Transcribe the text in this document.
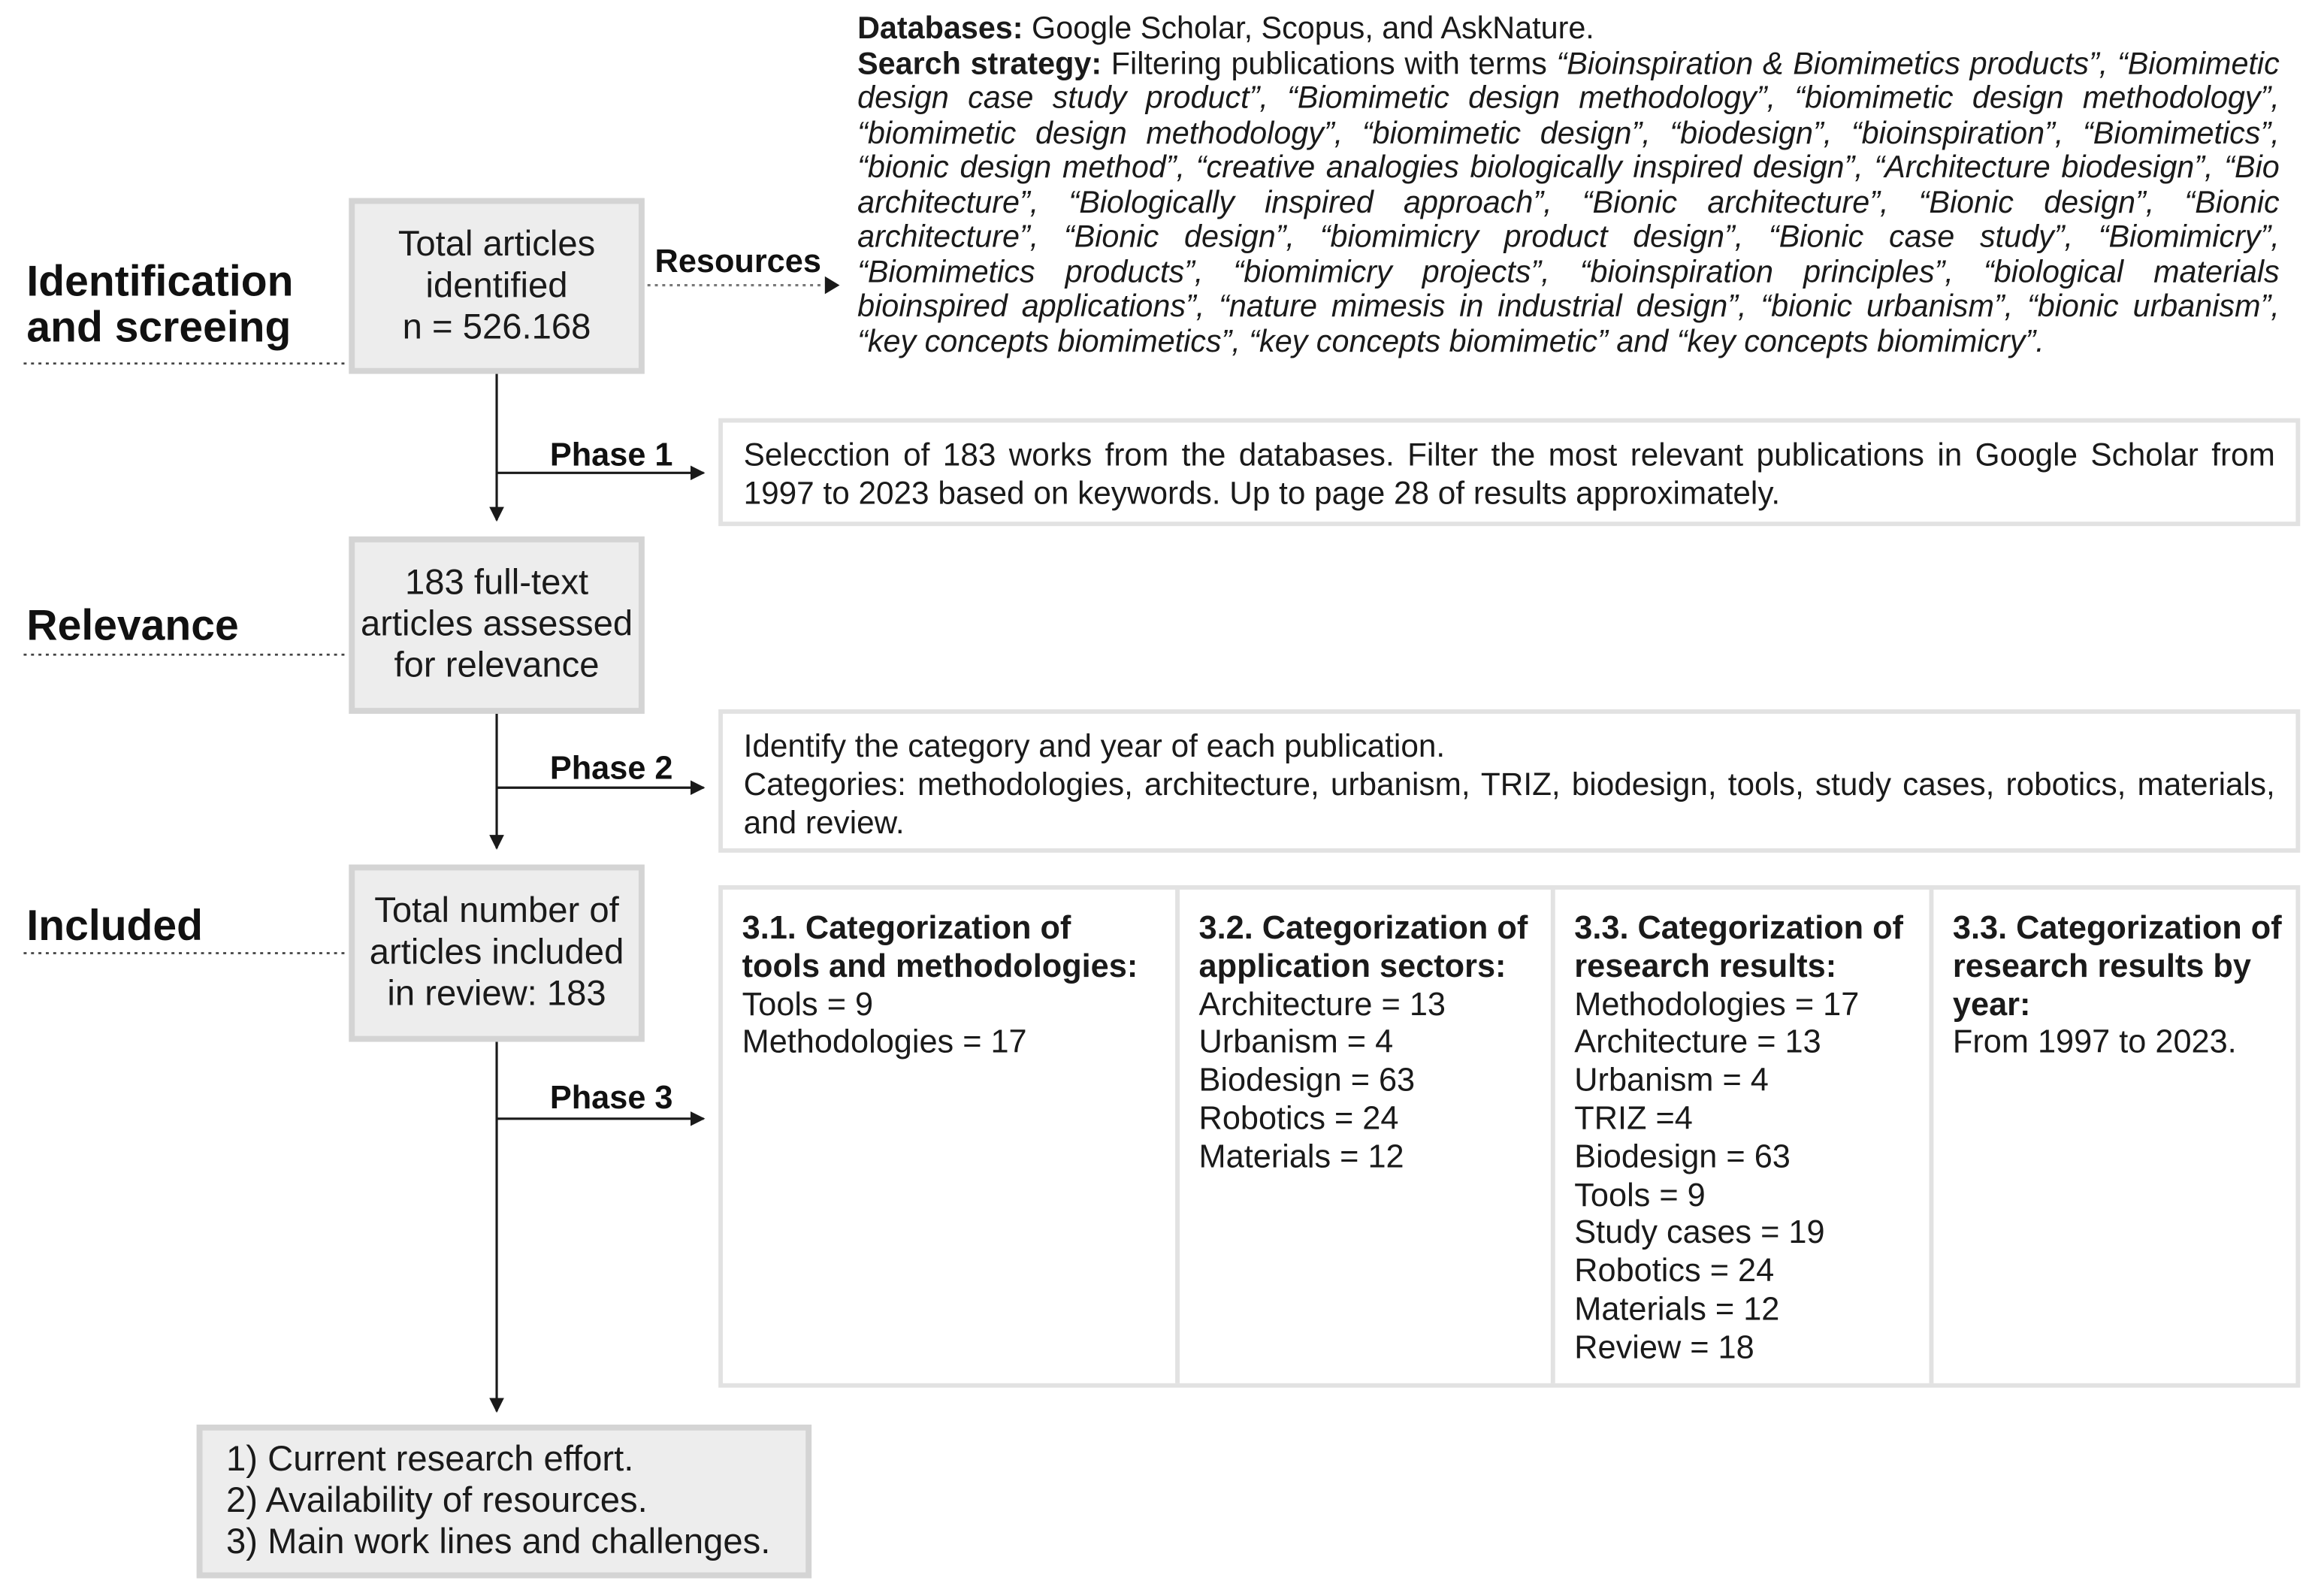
Identification and screeing
Relevance
Included
Total articles
identified
n = 526.168
183 full-text
articles assessed
for relevance
Total number of
articles included
in review: 183
1) Current research effort.
2) Availability of resources.
3) Main work lines and challenges.
Resources
Databases: Google Scholar, Scopus, and AskNature.
Search strategy: Filtering publications with terms “Bioinspiration & Biomimetics products”, “Biomimetic design case study product”, “Biomimetic design methodology”, “biomimetic design methodology”, “biomimetic design methodology”, “biomimetic design”, “biodesign”, “bioinspiration”, “Biomimetics”, “bionic design method”, “creative analogies biologically inspired design”, “Architecture biodesign”, “Bio architecture”, “Biologically inspired approach”, “Bionic architecture”, “Bionic design”, “Bionic architecture”, “Bionic design”, “biomimicry product design”, “Bionic case study”, “Biomimicry”, “Biomimetics products”, “biomimicry projects”, “bioinspiration principles”, “biological materials bioinspired applications”, “nature mimesis in industrial design”, “bionic urbanism”, “bionic urbanism”, “key concepts biomimetics”, “key concepts biomimetic” and “key concepts biomimicry”.
Phase 1
Phase 2
Phase 3
Selecction of 183 works from the databases. Filter the most relevant publications in Google Scholar from 1997 to 2023 based on keywords. Up to page 28 of results approximately.
Identify the category and year of each publication.
Categories: methodologies, architecture, urbanism, TRIZ, biodesign, tools, study cases, robotics, materials, and review.
3.1. Categorization of
tools and methodologies:
Tools = 9
Methodologies = 17
3.2. Categorization of
application sectors:
Architecture = 13
Urbanism = 4
Biodesign = 63
Robotics = 24
Materials = 12
3.3. Categorization of
research results:
Methodologies = 17
Architecture = 13
Urbanism = 4
TRIZ =4
Biodesign = 63
Tools = 9
Study cases = 19
Robotics = 24
Materials = 12
Review = 18
3.3. Categorization of
research results by
year:
From 1997 to 2023.
